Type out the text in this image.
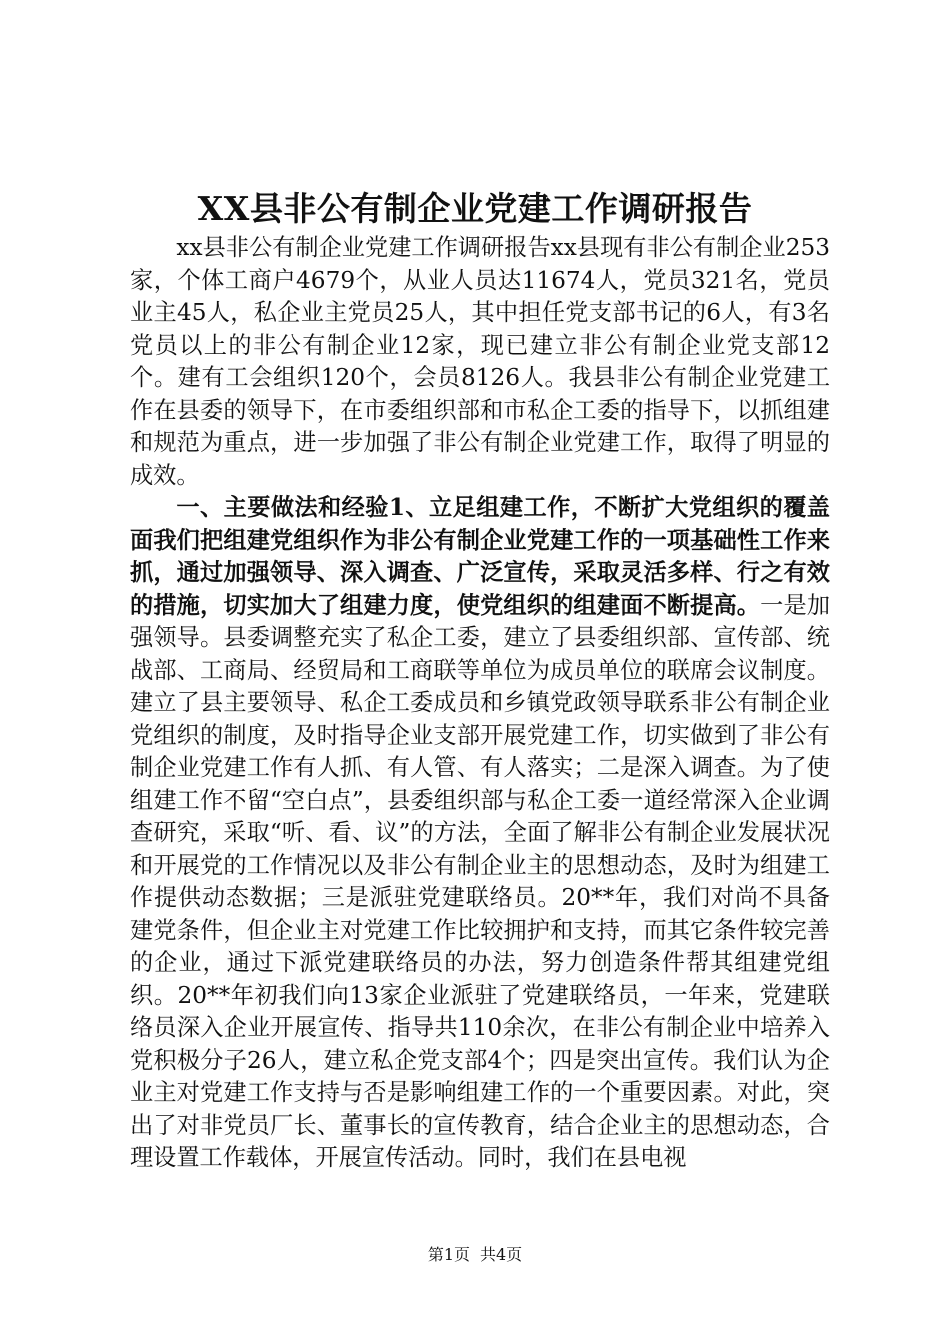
XX县非公有制企业党建工作调研报告

xx县非公有制企业党建工作调研报告xx县现有非公有制企业253家，个体工商户4679个，从业人员达11674人，党员321名，党员业主45人，私企业主党员25人，其中担任党支部书记的6人，有3名党员以上的非公有制企业12家，现已建立非公有制企业党支部12个。建有工会组织120个，会员8126人。我县非公有制企业党建工作在县委的领导下，在市委组织部和市私企工委的指导下，以抓组建和规范为重点，进一步加强了非公有制企业党建工作，取得了明显的成效。

一、主要做法和经验1、立足组建工作，不断扩大党组织的覆盖面我们把组建党组织作为非公有制企业党建工作的一项基础性工作来抓，通过加强领导、深入调查、广泛宣传，采取灵活多样、行之有效的措施，切实加大了组建力度，使党组织的组建面不断提高。一是加强领导。县委调整充实了私企工委，建立了县委组织部、宣传部、统战部、工商局、经贸局和工商联等单位为成员单位的联席会议制度。建立了县主要领导、私企工委成员和乡镇党政领导联系非公有制企业党组织的制度，及时指导企业支部开展党建工作，切实做到了非公有制企业党建工作有人抓、有人管、有人落实；二是深入调查。为了使组建工作不留“空白点”，县委组织部与私企工委一道经常深入企业调查研究，采取“听、看、议”的方法，全面了解非公有制企业发展状况和开展党的工作情况以及非公有制企业主的思想动态，及时为组建工作提供动态数据；三是派驻党建联络员。20**年，我们对尚不具备建党条件，但企业主对党建工作比较拥护和支持，而其它条件较完善的企业，通过下派党建联络员的办法，努力创造条件帮其组建党组织。20**年初我们向13家企业派驻了党建联络员，一年来，党建联络员深入企业开展宣传、指导共110余次，在非公有制企业中培养入党积极分子26人，建立私企党支部4个；四是突出宣传。我们认为企业主对党建工作支持与否是影响组建工作的一个重要因素。对此，突出了对非党员厂长、董事长的宣传教育，结合企业主的思想动态，合理设置工作载体，开展宣传活动。同时，我们在县电视

第1页 共4页
